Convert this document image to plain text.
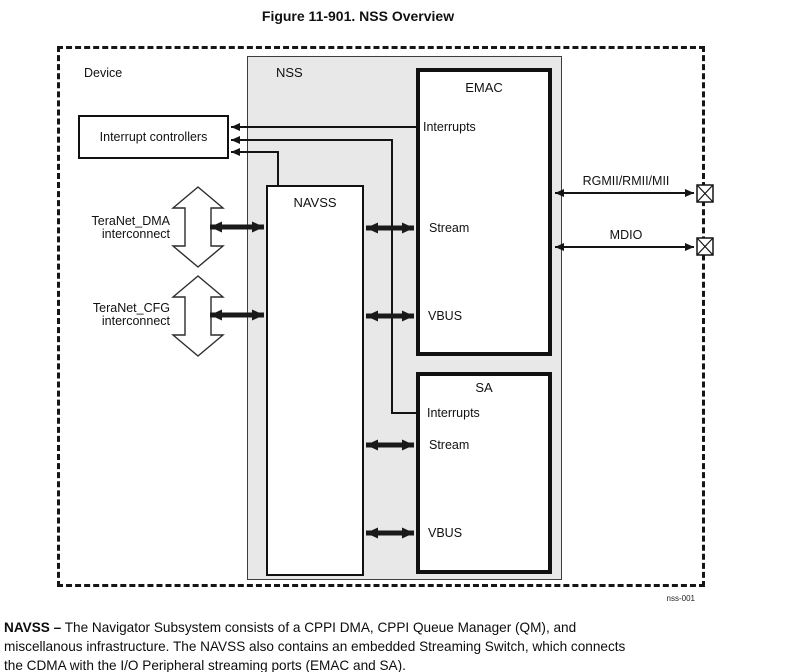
Figure 11-901. NSS Overview
Interrupt controllers
Device	NSS
NAVSS
EMAC
SA
Interrupts
Stream
VBUS
Interrupts
Stream
VBUS
TeraNet_DMA
interconnect
TeraNet_CFG
interconnect
RGMII/RMII/MII
MDIO
nss-001
NAVSS – The Navigator Subsystem consists of a CPPI DMA, CPPI Queue Manager (QM), and
miscellanous infrastructure. The NAVSS also contains an embedded Streaming Switch, which connects
the CDMA with the I/O Peripheral streaming ports (EMAC and SA).
